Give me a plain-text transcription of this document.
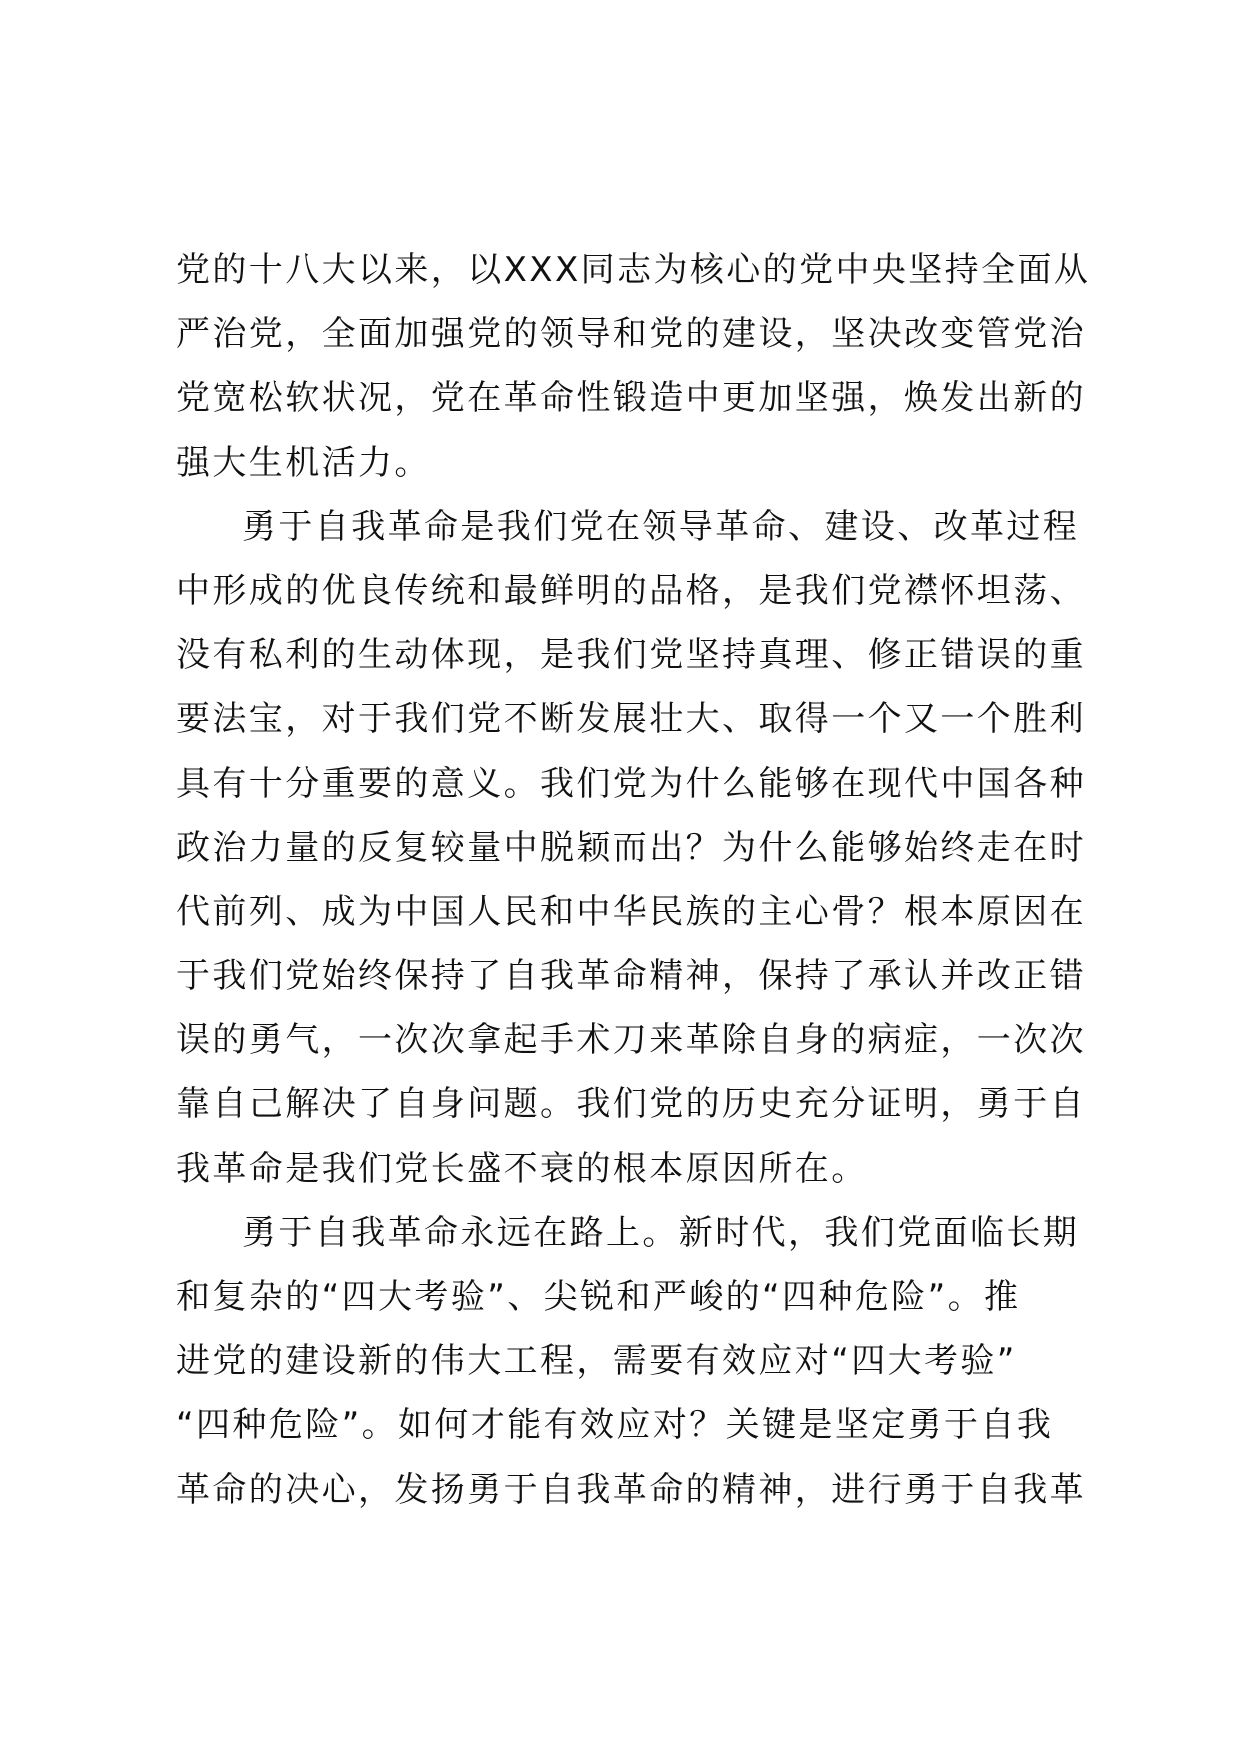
党的十八大以来，以XXX同志为核心的党中央坚持全面从
严治党，全面加强党的领导和党的建设，坚决改变管党治
党宽松软状况，党在革命性锻造中更加坚强，焕发出新的
强大生机活力。
勇于自我革命是我们党在领导革命、建设、改革过程
中形成的优良传统和最鲜明的品格，是我们党襟怀坦荡、
没有私利的生动体现，是我们党坚持真理、修正错误的重
要法宝，对于我们党不断发展壮大、取得一个又一个胜利
具有十分重要的意义。我们党为什么能够在现代中国各种
政治力量的反复较量中脱颖而出？为什么能够始终走在时
代前列、成为中国人民和中华民族的主心骨？根本原因在
于我们党始终保持了自我革命精神，保持了承认并改正错
误的勇气，一次次拿起手术刀来革除自身的病症，一次次
靠自己解决了自身问题。我们党的历史充分证明，勇于自
我革命是我们党长盛不衰的根本原因所在。
勇于自我革命永远在路上。新时代，我们党面临长期
和复杂的“四大考验”、尖锐和严峻的“四种危险”。推
进党的建设新的伟大工程，需要有效应对“四大考验”
“四种危险”。如何才能有效应对？关键是坚定勇于自我
革命的决心，发扬勇于自我革命的精神，进行勇于自我革
